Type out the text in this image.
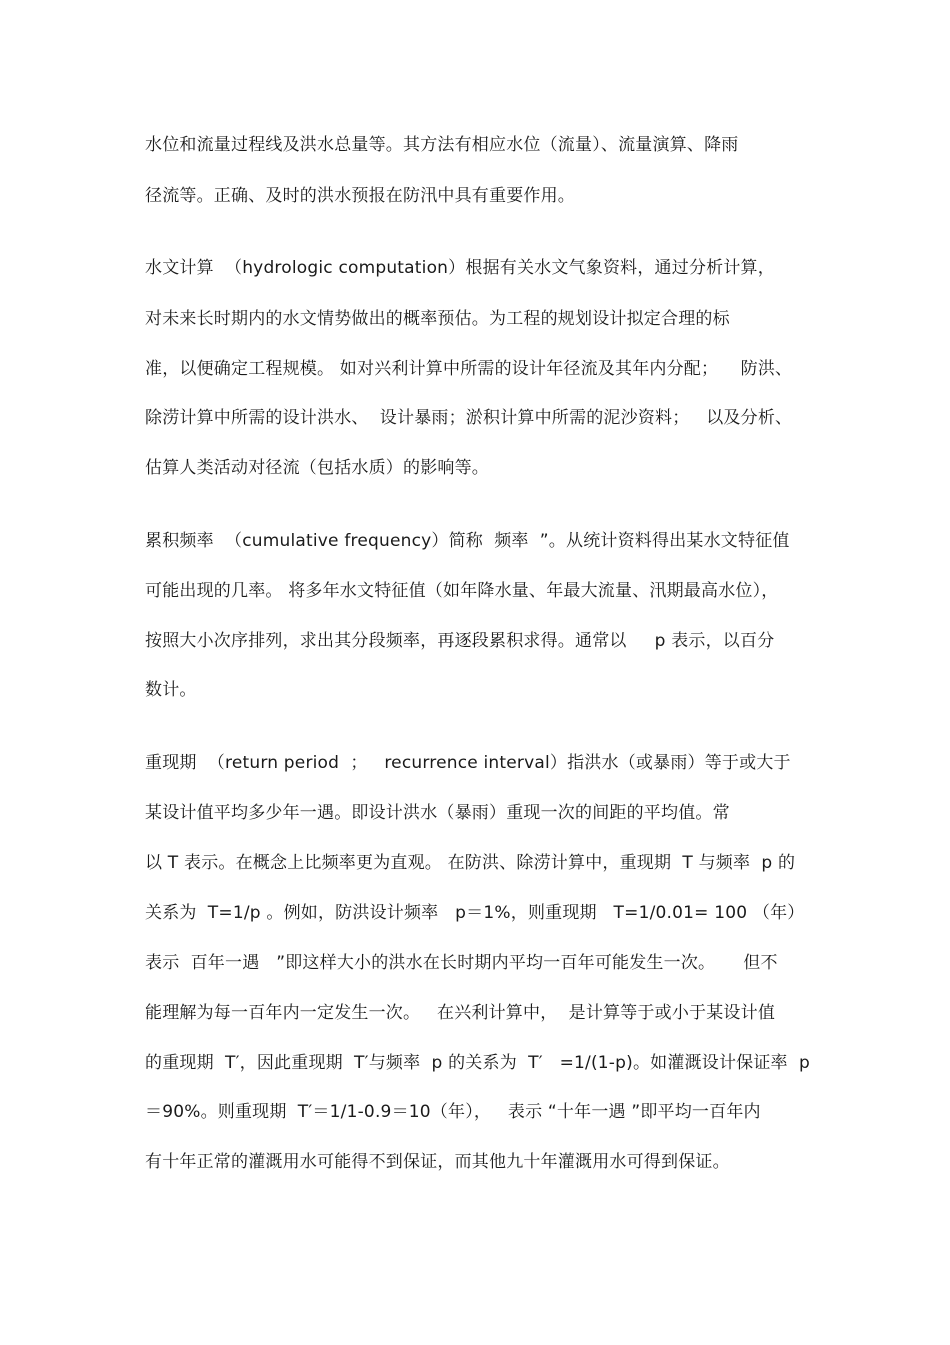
水位和流量过程线及洪水总量等。其方法有相应水位（流量）、流量演算、降雨
径流等。正确、及时的洪水预报在防汛中具有重要作用。
水文计算  （hydrologic computation）根据有关水文气象资料，通过分析计算，
对未来长时期内的水文情势做出的概率预估。为工程的规划设计拟定合理的标
准，以便确定工程规模。 如对兴利计算中所需的设计年径流及其年内分配；    防洪、
除涝计算中所需的设计洪水、  设计暴雨；淤积计算中所需的泥沙资料；   以及分析、
估算人类活动对径流（包括水质）的影响等。
累积频率  （cumulative frequency）简称  频率  ”。从统计资料得出某水文特征值
可能出现的几率。 将多年水文特征值（如年降水量、年最大流量、汛期最高水位），
按照大小次序排列，求出其分段频率，再逐段累积求得。通常以     p 表示，以百分
数计。
重现期  （return period  ；   recurrence interval）指洪水（或暴雨）等于或大于
某设计值平均多少年一遇。即设计洪水（暴雨）重现一次的间距的平均值。常
以 T 表示。在概念上比频率更为直观。 在防洪、除涝计算中，重现期  T 与频率  p 的
关系为  T=1/p 。例如，防洪设计频率   p＝1%，则重现期   T=1/0.01= 100 （年）
表示  百年一遇   ”即这样大小的洪水在长时期内平均一百年可能发生一次。     但不
能理解为每一百年内一定发生一次。   在兴利计算中，  是计算等于或小于某设计值
的重现期  T′，因此重现期  T′与频率  p 的关系为  T′   =1/(1-p)。如灌溉设计保证率  p
＝90%。则重现期  T′＝1/1-0.9＝10（年），   表示 “十年一遇 ”即平均一百年内
有十年正常的灌溉用水可能得不到保证，而其他九十年灌溉用水可得到保证。
